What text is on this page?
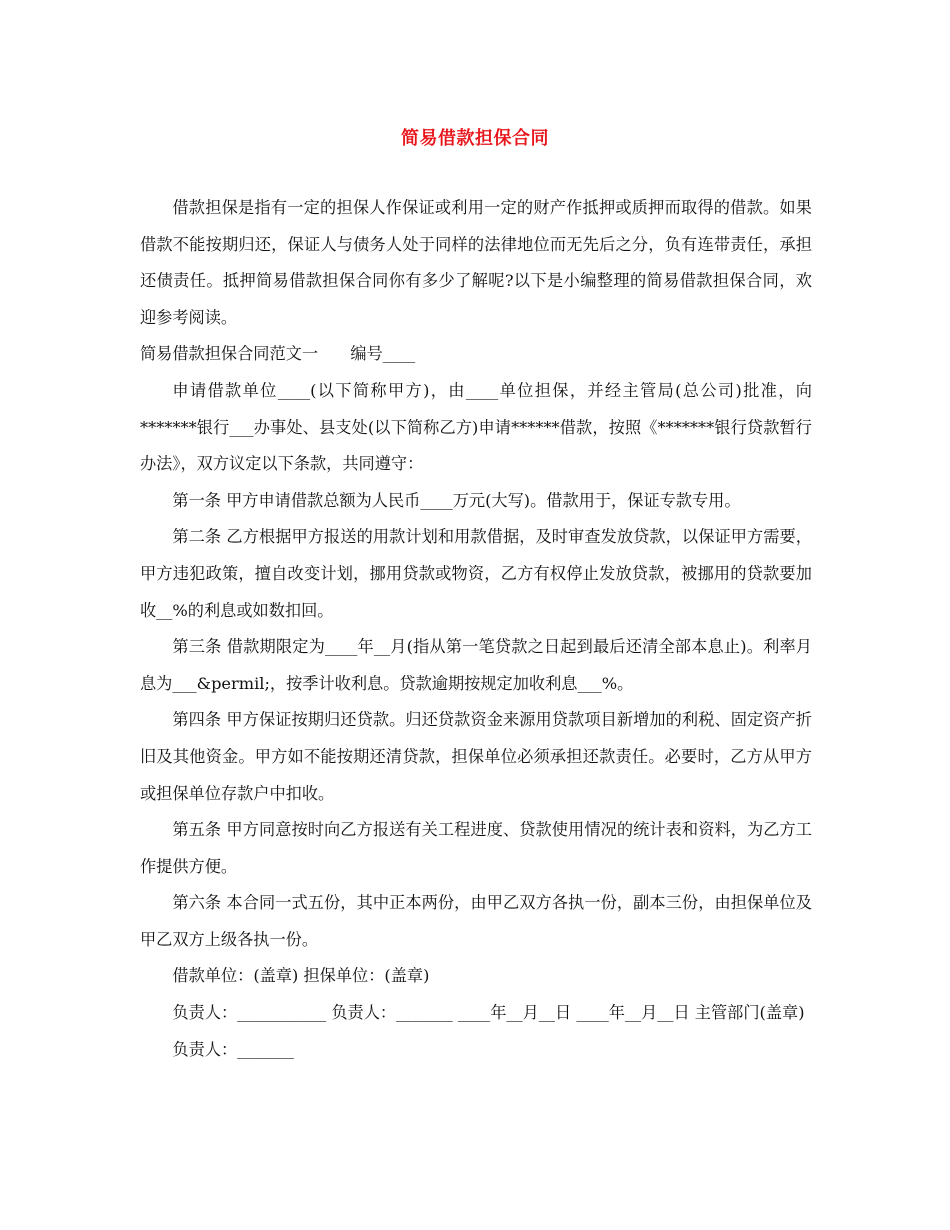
简易借款担保合同

借款担保是指有一定的担保人作保证或利用一定的财产作抵押或质押而取得的借款。如果借款不能按期归还，保证人与债务人处于同样的法律地位而无先后之分，负有连带责任，承担还债责任。抵押简易借款担保合同你有多少了解呢?以下是小编整理的简易借款担保合同，欢迎参考阅读。

简易借款担保合同范文一　　编号____

申请借款单位____(以下简称甲方)，由____单位担保，并经主管局(总公司)批准，向*******银行___办事处、县支处(以下简称乙方)申请******借款，按照《*******银行贷款暂行办法》，双方议定以下条款，共同遵守：

第一条 甲方申请借款总额为人民币____万元(大写)。借款用于，保证专款专用。

第二条 乙方根据甲方报送的用款计划和用款借据，及时审查发放贷款，以保证甲方需要，甲方违犯政策，擅自改变计划，挪用贷款或物资，乙方有权停止发放贷款，被挪用的贷款要加收__%的利息或如数扣回。

第三条 借款期限定为____年__月(指从第一笔贷款之日起到最后还清全部本息止)。利率月息为___&permil;，按季计收利息。贷款逾期按规定加收利息___%。

第四条 甲方保证按期归还贷款。归还贷款资金来源用贷款项目新增加的利税、固定资产折旧及其他资金。甲方如不能按期还清贷款，担保单位必须承担还款责任。必要时，乙方从甲方或担保单位存款户中扣收。

第五条 甲方同意按时向乙方报送有关工程进度、贷款使用情况的统计表和资料，为乙方工作提供方便。

第六条 本合同一式五份，其中正本两份，由甲乙双方各执一份，副本三份，由担保单位及甲乙双方上级各执一份。

借款单位：(盖章) 担保单位：(盖章)

负责人：___________ 负责人：_______ ____年__月__日 ____年__月__日 主管部门(盖章)

负责人：_______
